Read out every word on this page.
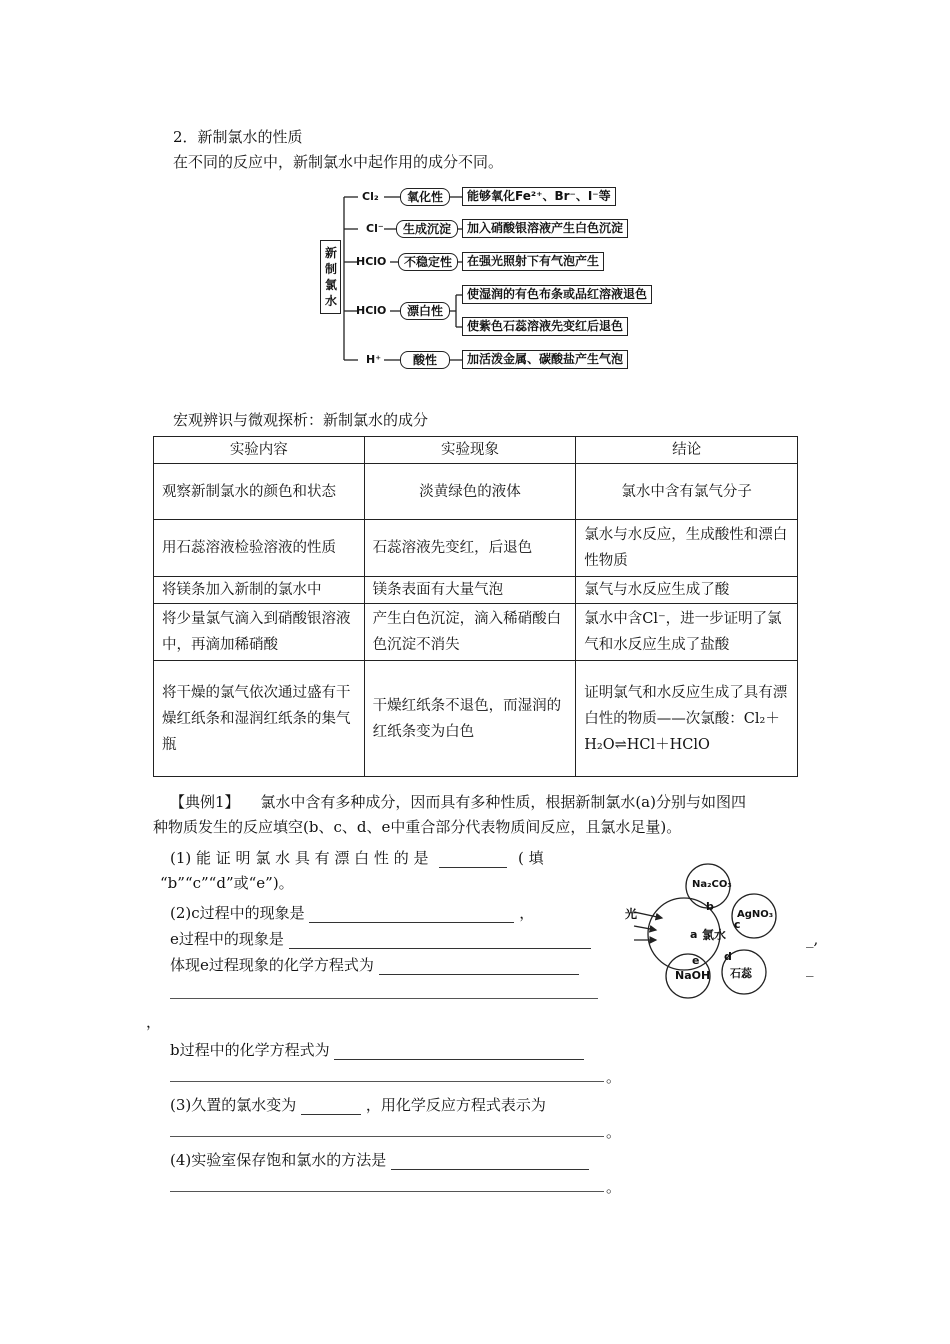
2．新制氯水的性质
在不同的反应中，新制氯水中起作用的成分不同。
新制氯水
Cl₂
Cl⁻
HClO
HClO
H⁺
氧化性
生成沉淀
不稳定性
漂白性
酸性
能够氧化Fe²⁺、Br⁻、I⁻等
加入硝酸银溶液产生白色沉淀
在强光照射下有气泡产生
使湿润的有色布条或品红溶液退色
使紫色石蕊溶液先变红后退色
加活泼金属、碳酸盐产生气泡
宏观辨识与微观探析：新制氯水的成分
实验内容	实验现象	结论
观察新制氯水的颜色和状态	淡黄绿色的液体	氯水中含有氯气分子
用石蕊溶液检验溶液的性质	石蕊溶液先变红，后退色	氯水与水反应，生成酸性和漂白性物质
将镁条加入新制的氯水中	镁条表面有大量气泡	氯气与水反应生成了酸
将少量氯气滴入到硝酸银溶液中，再滴加稀硝酸	产生白色沉淀，滴入稀硝酸白色沉淀不消失	氯水中含Cl⁻，进一步证明了氯气和水反应生成了盐酸
将干燥的氯气依次通过盛有干燥红纸条和湿润红纸条的集气瓶	干燥红纸条不退色，而湿润的红纸条变为白色	证明氯气和水反应生成了具有漂白性的物质——次氯酸：Cl₂＋H₂O⇌HCl＋HClO
【典例1】 氯水中含有多种成分，因而具有多种性质，根据新制氯水(a)分别与如图四
种物质发生的反应填空(b、c、d、e中重合部分代表物质间反应，且氯水足量)。
(1) 能 证 明 氯 水 具 有 漂 白 性 的 是	( 填
“b”“c”“d”或“e”)。
(2)c过程中的现象是	，
e过程中的现象是	_,
体现e过程现象的化学方程式为	_
，
b过程中的化学方程式为
。
(3)久置的氯水变为	，用化学反应方程式表示为
。
(4)实验室保存饱和氯水的方法是
。
光
Na₂CO₃
AgNO₃
石蕊
NaOH
a 氯水
b
c
d
e
